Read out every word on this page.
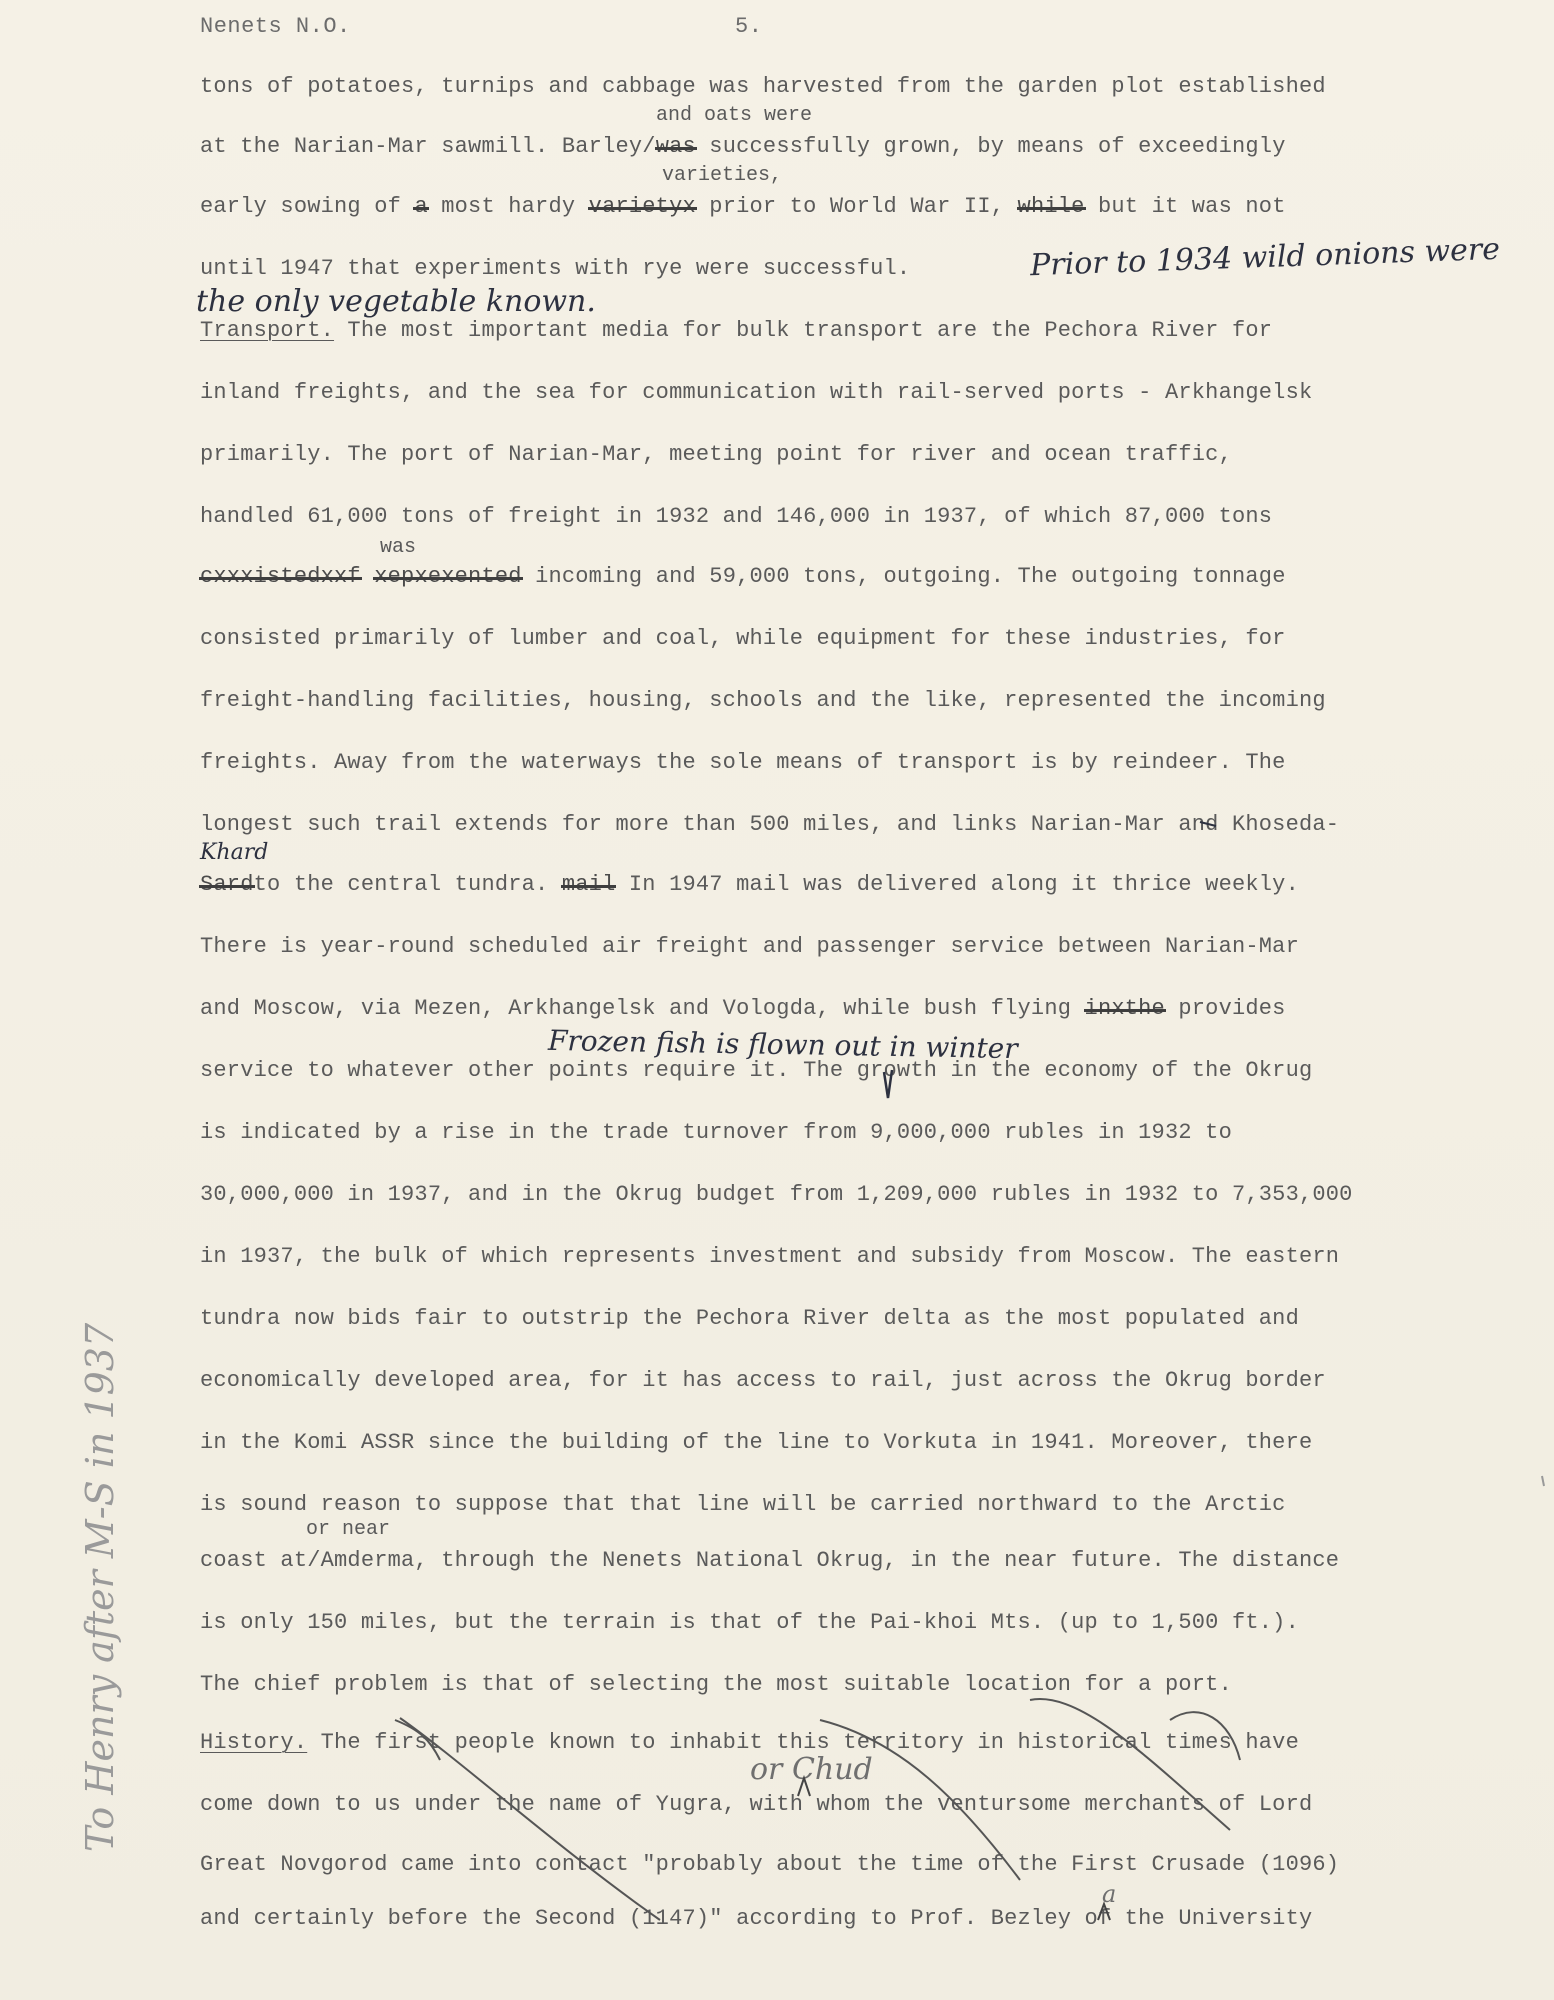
Nenets N.O.	5.
tons of potatoes, turnips and cabbage was harvested from the garden plot established
and oats were
at the Narian-Mar sawmill. Barley/was successfully grown, by means of exceedingly
varieties,
early sowing of a most hardy varietyx prior to World War II, while but it was not
until 1947 that experiments with rye were successful.	Prior to 1934 wild onions were
the only vegetable known.
Transport. The most important media for bulk transport are the Pechora River for
inland freights, and the sea for communication with rail-served ports - Arkhangelsk
primarily. The port of Narian-Mar, meeting point for river and ocean traffic,
handled 61,000 tons of freight in 1932 and 146,000 in 1937, of which 87,000 tons
was
cxxxistedxxf xepxexented incoming and 59,000 tons, outgoing. The outgoing tonnage
consisted primarily of lumber and coal, while equipment for these industries, for
freight-handling facilities, housing, schools and the like, represented the incoming
freights. Away from the waterways the sole means of transport is by reindeer. The
longest such trail extends for more than 500 miles, and links Narian-Mar and Khoseda-
Khard
Sardto the central tundra. mail In 1947 mail was delivered along it thrice weekly.
There is year-round scheduled air freight and passenger service between Narian-Mar
and Moscow, via Mezen, Arkhangelsk and Vologda, while bush flying inxthe provides
Frozen fish is flown out in winter
service to whatever other points require it. The growth in the economy of the Okrug
is indicated by a rise in the trade turnover from 9,000,000 rubles in 1932 to
30,000,000 in 1937, and in the Okrug budget from 1,209,000 rubles in 1932 to 7,353,000
in 1937, the bulk of which represents investment and subsidy from Moscow. The eastern
tundra now bids fair to outstrip the Pechora River delta as the most populated and
economically developed area, for it has access to rail, just across the Okrug border
in the Komi ASSR since the building of the line to Vorkuta in 1941. Moreover, there
is sound reason to suppose that that line will be carried northward to the Arctic
or near
coast at/Amderma, through the Nenets National Okrug, in the near future. The distance
is only 150 miles, but the terrain is that of the Pai-khoi Mts. (up to 1,500 ft.).
The chief problem is that of selecting the most suitable location for a port.
History. The first people known to inhabit this territory in historical times have
or Chud
come down to us under the name of Yugra, with whom the ventursome merchants of Lord
Great Novgorod came into contact "probably about the time of the First Crusade (1096)
a
and certainly before the Second (1147)" according to Prof. Bezley of the University
To Henry after M-S in 1937
